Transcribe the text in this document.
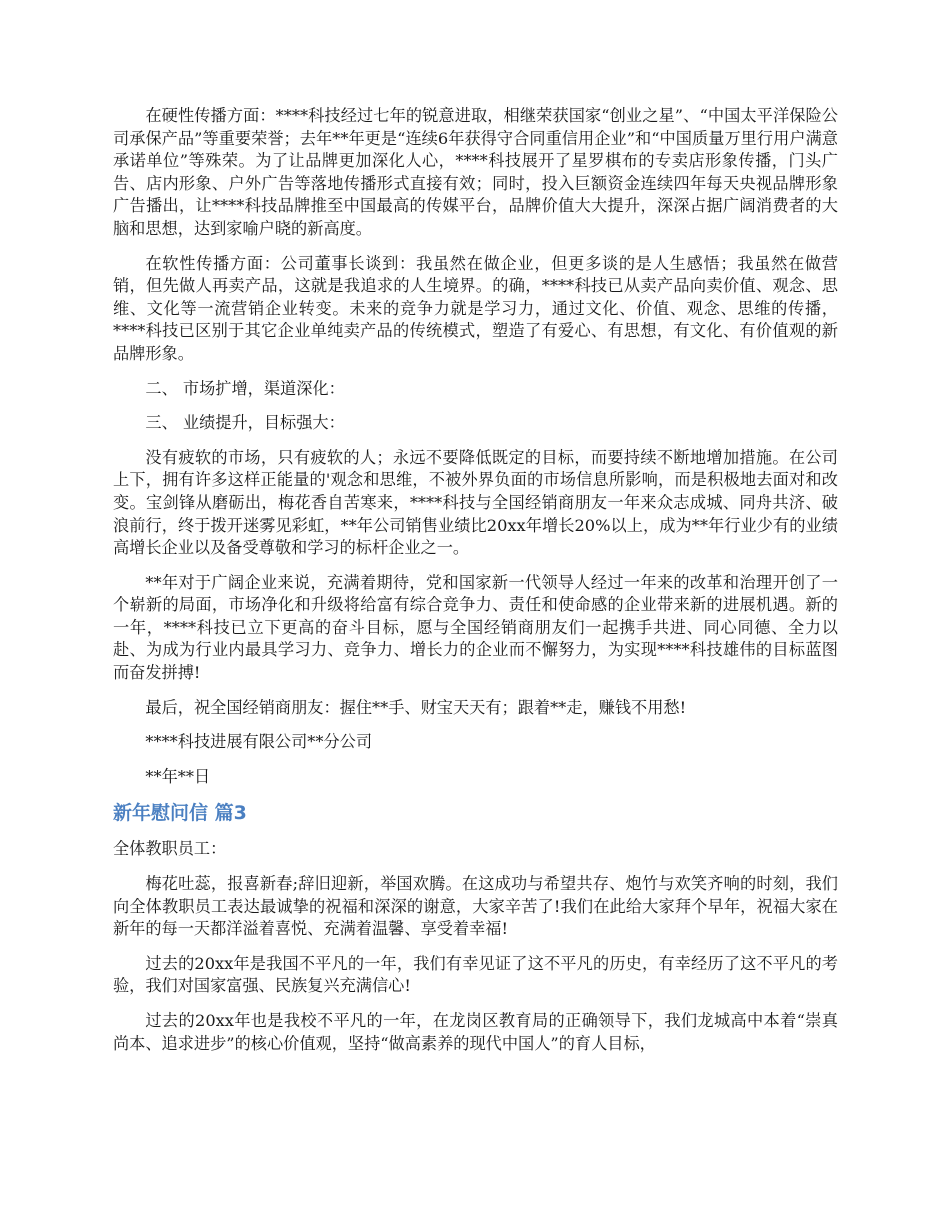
在硬性传播方面：****科技经过七年的锐意进取，相继荣获国家“创业之星”、“中国太平洋保险公司承保产品”等重要荣誉；去年**年更是“连续6年获得守合同重信用企业”和“中国质量万里行用户满意承诺单位”等殊荣。为了让品牌更加深化人心，****科技展开了星罗棋布的专卖店形象传播，门头广告、店内形象、户外广告等落地传播形式直接有效；同时，投入巨额资金连续四年每天央视品牌形象广告播出，让****科技品牌推至中国最高的传媒平台，品牌价值大大提升，深深占据广阔消费者的大脑和思想，达到家喻户晓的新高度。

在软性传播方面：公司董事长谈到：我虽然在做企业，但更多谈的是人生感悟；我虽然在做营销，但先做人再卖产品，这就是我追求的人生境界。的确，****科技已从卖产品向卖价值、观念、思维、文化等一流营销企业转变。未来的竞争力就是学习力，通过文化、价值、观念、思维的传播，****科技已区别于其它企业单纯卖产品的传统模式，塑造了有爱心、有思想，有文化、有价值观的新品牌形象。

二、 市场扩增，渠道深化：

三、 业绩提升，目标强大：

没有疲软的市场，只有疲软的人；永远不要降低既定的目标，而要持续不断地增加措施。在公司上下，拥有许多这样正能量的'观念和思维，不被外界负面的市场信息所影响，而是积极地去面对和改变。宝剑锋从磨砺出，梅花香自苦寒来，****科技与全国经销商朋友一年来众志成城、同舟共济、破浪前行，终于拨开迷雾见彩虹，**年公司销售业绩比20xx年增长20%以上，成为**年行业少有的业绩高增长企业以及备受尊敬和学习的标杆企业之一。

**年对于广阔企业来说，充满着期待，党和国家新一代领导人经过一年来的改革和治理开创了一个崭新的局面，市场净化和升级将给富有综合竞争力、责任和使命感的企业带来新的进展机遇。新的一年，****科技已立下更高的奋斗目标，愿与全国经销商朋友们一起携手共进、同心同德、全力以赴、为成为行业内最具学习力、竞争力、增长力的企业而不懈努力，为实现****科技雄伟的目标蓝图而奋发拼搏!

最后，祝全国经销商朋友：握住**手、财宝天天有；跟着**走，赚钱不用愁!

****科技进展有限公司**分公司

**年**日

新年慰问信 篇3

全体教职员工：

梅花吐蕊，报喜新春;辞旧迎新，举国欢腾。在这成功与希望共存、炮竹与欢笑齐响的时刻，我们向全体教职员工表达最诚挚的祝福和深深的谢意，大家辛苦了!我们在此给大家拜个早年，祝福大家在新年的每一天都洋溢着喜悦、充满着温馨、享受着幸福!

过去的20xx年是我国不平凡的一年，我们有幸见证了这不平凡的历史，有幸经历了这不平凡的考验，我们对国家富强、民族复兴充满信心!

过去的20xx年也是我校不平凡的一年，在龙岗区教育局的正确领导下，我们龙城高中本着“崇真尚本、追求进步”的核心价值观，坚持“做高素养的现代中国人”的育人目标，
